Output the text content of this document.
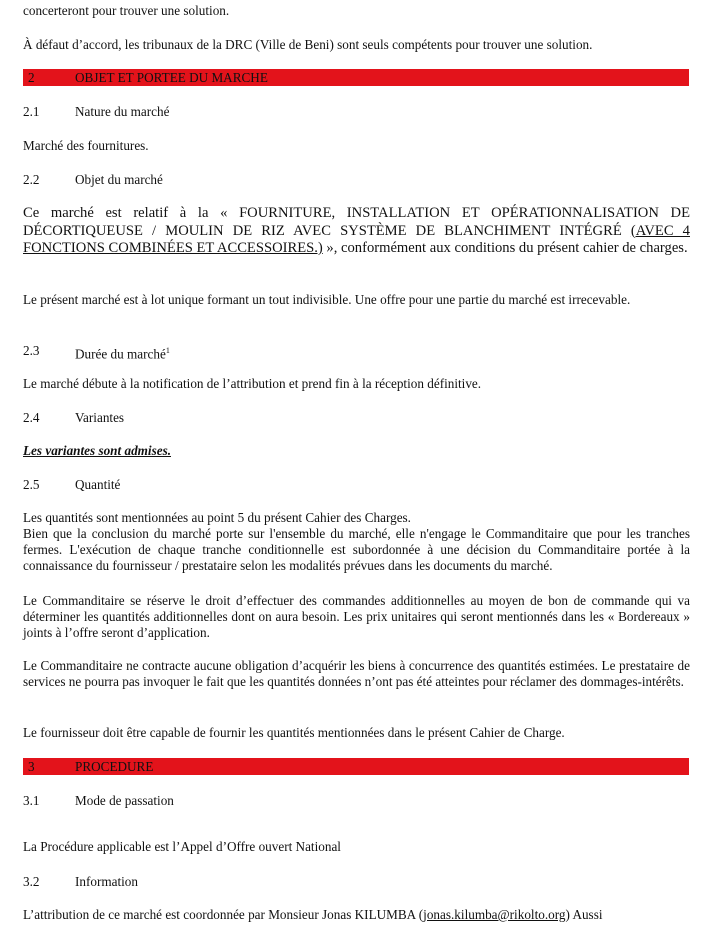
concerteront pour trouver une solution.
À défaut d’accord, les tribunaux de la DRC (Ville de Beni) sont seuls compétents pour trouver une solution.
2	OBJET ET PORTEE DU MARCHE
2.1	Nature du marché
Marché des fournitures.
2.2	Objet du marché
Ce marché est relatif à la « FOURNITURE, INSTALLATION ET OPÉRATIONNALISATION DE DÉCORTIQUEUSE / MOULIN DE RIZ AVEC SYSTÈME DE BLANCHIMENT INTÉGRÉ (AVEC 4 FONCTIONS COMBINÉES ET ACCESSOIRES.) », conformément aux conditions du présent cahier de charges.
Le présent marché est à lot unique formant un tout indivisible. Une offre pour une partie du marché est irrecevable.
2.3	Durée du marché$^1$
Le marché débute à la notification de l’attribution et prend fin à la réception définitive.
2.4	Variantes
Les variantes sont admises.
2.5	Quantité
Les quantités sont mentionnées au point 5 du présent Cahier des Charges.
Bien que la conclusion du marché porte sur l'ensemble du marché, elle n'engage le Commanditaire que pour les tranches fermes. L'exécution de chaque tranche conditionnelle est subordonnée à une décision du Commanditaire portée à la connaissance du fournisseur / prestataire selon les modalités prévues dans les documents du marché.
Le Commanditaire se réserve le droit d’effectuer des commandes additionnelles au moyen de bon de commande qui va déterminer les quantités additionnelles dont on aura besoin. Les prix unitaires qui seront mentionnés dans les « Bordereaux » joints à l’offre seront d’application.
Le Commanditaire ne contracte aucune obligation d’acquérir les biens à concurrence des quantités estimées. Le prestataire de services ne pourra pas invoquer le fait que les quantités données n’ont pas été atteintes pour réclamer des dommages-intérêts.
Le fournisseur doit être capable de fournir les quantités mentionnées dans le présent Cahier de Charge.
3	PROCEDURE
3.1	Mode de passation
La Procédure applicable est l’Appel d’Offre ouvert National
3.2	Information
L’attribution de ce marché est coordonnée par Monsieur Jonas KILUMBA (jonas.kilumba@rikolto.org) Aussi
